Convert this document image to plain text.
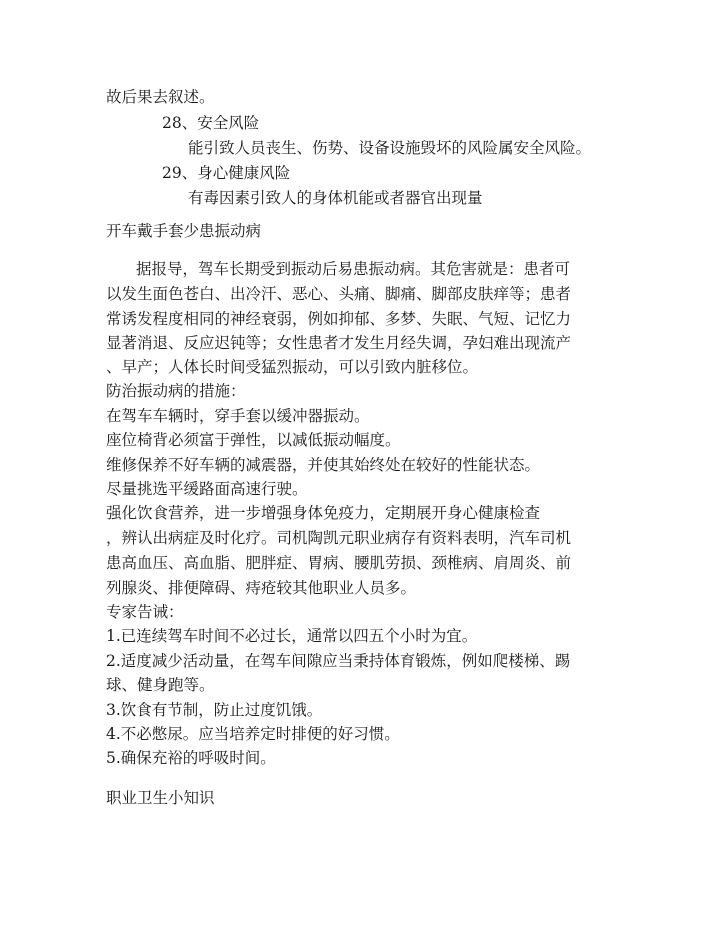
故后果去叙述。
28、安全风险
能引致人员丧生、伤势、设备设施毁坏的风险属安全风险。
29、身心健康风险
有毒因素引致人的身体机能或者器官出现量
开车戴手套少患振动病
据报导，驾车长期受到振动后易患振动病。其危害就是：患者可
以发生面色苍白、出冷汗、恶心、头痛、脚痛、脚部皮肤痒等；患者
常诱发程度相同的神经衰弱，例如抑郁、多梦、失眠、气短、记忆力
显著消退、反应迟钝等；女性患者才发生月经失调，孕妇难出现流产
、早产；人体长时间受猛烈振动，可以引致内脏移位。
防治振动病的措施：
在驾车车辆时，穿手套以缓冲器振动。
座位椅背必须富于弹性，以减低振动幅度。
维修保养不好车辆的减震器，并使其始终处在较好的性能状态。
尽量挑选平缓路面高速行驶。
强化饮食营养，进一步增强身体免疫力，定期展开身心健康检查
，辨认出病症及时化疗。司机陶凯元职业病存有资料表明，汽车司机
患高血压、高血脂、肥胖症、胃病、腰肌劳损、颈椎病、肩周炎、前
列腺炎、排便障碍、痔疮较其他职业人员多。
专家告诫：
1.已连续驾车时间不必过长，通常以四五个小时为宜。
2.适度减少活动量，在驾车间隙应当秉持体育锻炼，例如爬楼梯、踢
球、健身跑等。
3.饮食有节制，防止过度饥饿。
4.不必憋尿。应当培养定时排便的好习惯。
5.确保充裕的呼吸时间。
职业卫生小知识
